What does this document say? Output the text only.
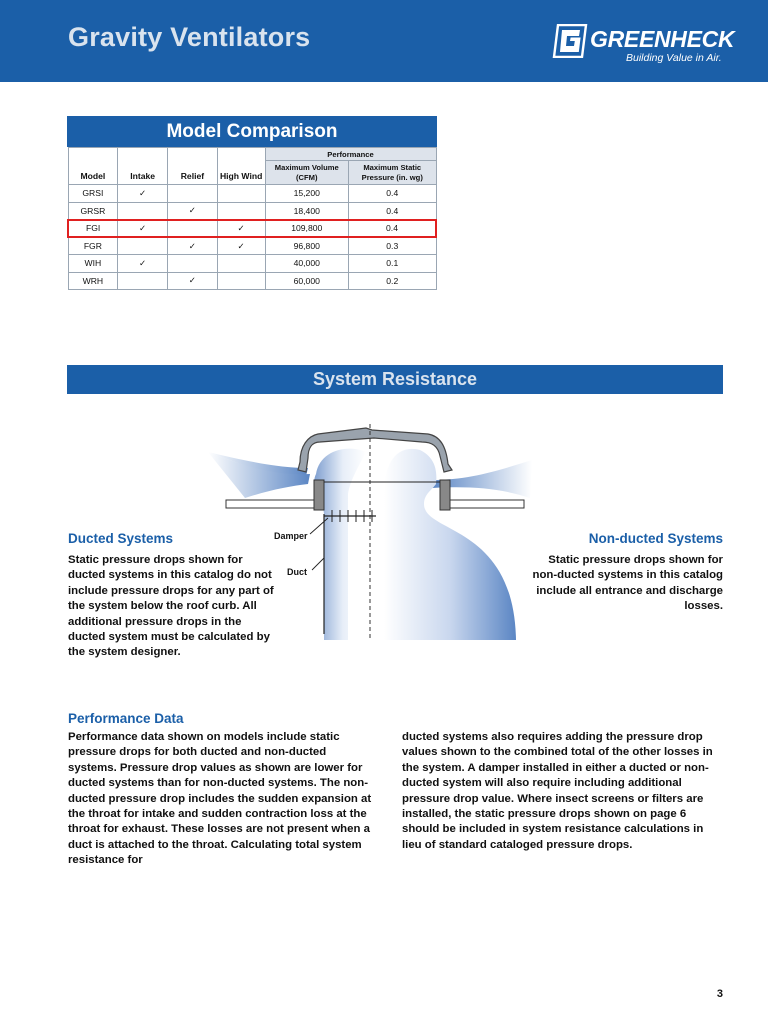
Gravity Ventilators	GREENHECK
Building Value in Air.
Model Comparison
Model	Intake	Relief	High Wind	Performance	
				Maximum Volume (CFM)	Maximum Static Pressure (in. wg)
GRSI	✓			15,200	0.4
GRSR		✓		18,400	0.4
FGI	✓		✓	109,800	0.4
FGR		✓	✓	96,800	0.3
WIH	✓			40,000	0.1
WRH		✓		60,000	0.2
System Resistance
Damper
Duct
Ducted Systems
Static pressure drops shown for ducted systems in this catalog do not include pressure drops for any part of the system below the roof curb. All additional pressure drops in the ducted system must be calculated by the system designer.
Non-ducted Systems
Static pressure drops shown for non-ducted systems in this catalog include all entrance and discharge losses.
Performance Data
Performance data shown on models include static pressure drops for both ducted and non-ducted systems. Pressure drop values as shown are lower for ducted systems than for non-ducted systems. The non-ducted pressure drop includes the sudden expansion at the throat for intake and sudden contraction loss at the throat for exhaust. These losses are not present when a duct is attached to the throat. Calculating total system resistance for
ducted systems also requires adding the pressure drop values shown to the combined total of the other losses in the system. A damper installed in either a ducted or non-ducted system will also require including additional pressure drop value. Where insect screens or filters are installed, the static pressure drops shown on page 6 should be included in system resistance calculations in lieu of standard cataloged pressure drops.
3
